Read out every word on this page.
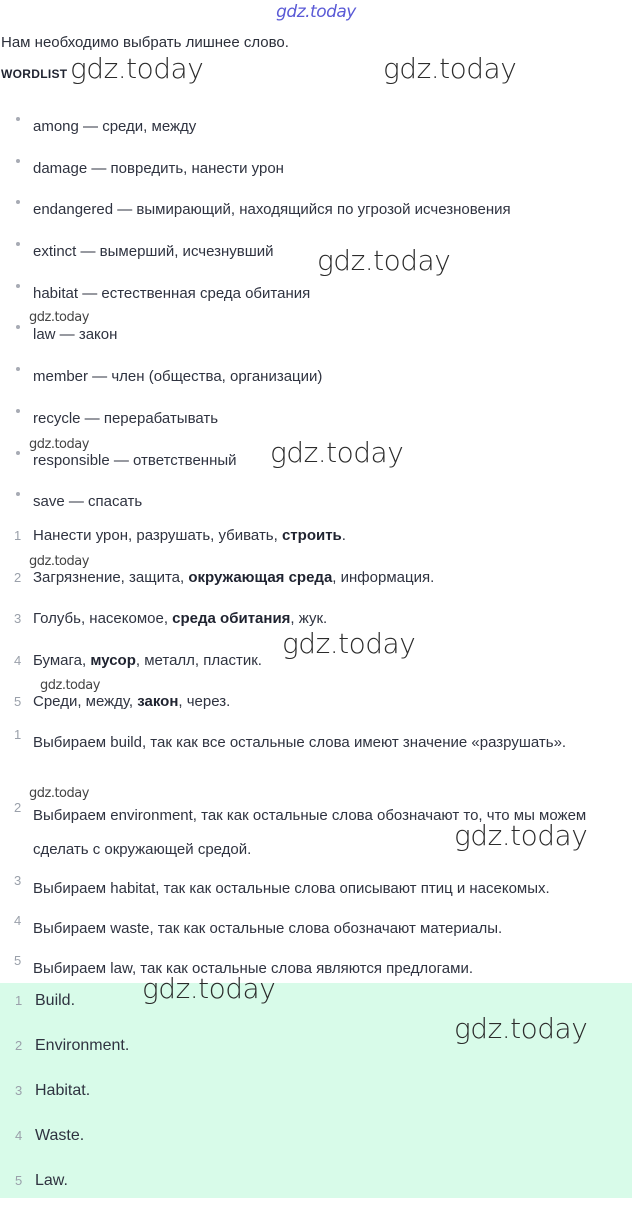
gdz.today
Нам необходимо выбрать лишнее слово.
WORDLIST
among — среди, между
damage — повредить, нанести урон
endangered — вымирающий, находящийся по угрозой исчезновения
extinct — вымерший, исчезнувший
habitat — естественная среда обитания
law — закон
member — член (общества, организации)
recycle — перерабатывать
responsible — ответственный
save — спасать
1 Нанести урон, разрушать, убивать, строить.
2 Загрязнение, защита, окружающая среда, информация.
3 Голубь, насекомое, среда обитания, жук.
4 Бумага, мусор, металл, пластик.
5 Среди, между, закон, через.
1 Выбираем build, так как все остальные слова имеют значение «разрушать».
2 Выбираем environment, так как остальные слова обозначают то, что мы можем сделать с окружающей средой.
3 Выбираем habitat, так как остальные слова описывают птиц и насекомых.
4 Выбираем waste, так как остальные слова обозначают материалы.
5 Выбираем law, так как остальные слова являются предлогами.
1 Build.
2 Environment.
3 Habitat.
4 Waste.
5 Law.
gdz.today	gdz.today
gdz.today
gdz.today
gdz.today	gdz.today
gdz.today
gdz.today
gdz.today
gdz.today
gdz.today
gdz.today
gdz.today
